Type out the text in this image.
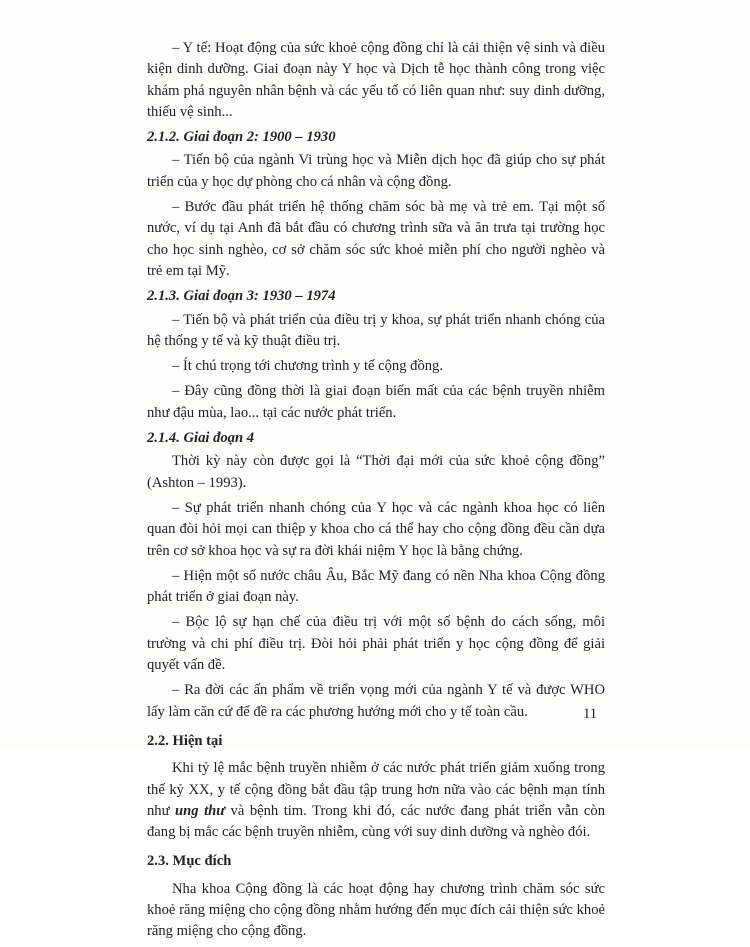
– Y tế: Hoạt động của sức khoẻ cộng đồng chỉ là cải thiện vệ sinh và điều kiện dinh dưỡng. Giai đoạn này Y học và Dịch tễ học thành công trong việc khám phá nguyên nhân bệnh và các yếu tố có liên quan như: suy dinh dưỡng, thiếu vệ sinh...

2.1.2. Giai đoạn 2: 1900 – 1930

– Tiến bộ của ngành Vi trùng học và Miễn dịch học đã giúp cho sự phát triển của y học dự phòng cho cá nhân và cộng đồng.

– Bước đầu phát triển hệ thống chăm sóc bà mẹ và trẻ em. Tại một số nước, ví dụ tại Anh đã bắt đầu có chương trình sữa và ăn trưa tại trường học cho học sinh nghèo, cơ sở chăm sóc sức khoẻ miễn phí cho người nghèo và trẻ em tại Mỹ.

2.1.3. Giai đoạn 3: 1930 – 1974

– Tiến bộ và phát triển của điều trị y khoa, sự phát triển nhanh chóng của hệ thống y tế và kỹ thuật điều trị.

– Ít chú trọng tới chương trình y tế cộng đồng.

– Đây cũng đồng thời là giai đoạn biến mất của các bệnh truyền nhiễm như đậu mùa, lao... tại các nước phát triển.

2.1.4. Giai đoạn 4

Thời kỳ này còn được gọi là “Thời đại mới của sức khoẻ cộng đồng” (Ashton – 1993).

– Sự phát triển nhanh chóng của Y học và các ngành khoa học có liên quan đòi hỏi mọi can thiệp y khoa cho cá thể hay cho cộng đồng đều cần dựa trên cơ sở khoa học và sự ra đời khái niệm Y học là bằng chứng.

– Hiện một số nước châu Âu, Bắc Mỹ đang có nền Nha khoa Cộng đồng phát triển ở giai đoạn này.

– Bộc lộ sự hạn chế của điều trị với một số bệnh do cách sống, môi trường và chi phí điều trị. Đòi hỏi phải phát triển y học cộng đồng để giải quyết vấn đề.

– Ra đời các ấn phẩm về triển vọng mới của ngành Y tế và được WHO lấy làm căn cứ để đề ra các phương hướng mới cho y tế toàn cầu.

2.2. Hiện tại

Khi tỷ lệ mắc bệnh truyền nhiễm ở các nước phát triển giảm xuống trong thế kỷ XX, y tế cộng đồng bắt đầu tập trung hơn nữa vào các bệnh mạn tính như ung thư và bệnh tim. Trong khi đó, các nước đang phát triển vẫn còn đang bị mắc các bệnh truyền nhiễm, cùng với suy dinh dưỡng và nghèo đói.

2.3. Mục đích

Nha khoa Cộng đồng là các hoạt động hay chương trình chăm sóc sức khoẻ răng miệng cho cộng đồng nhằm hướng đến mục đích cải thiện sức khoẻ răng miệng cho cộng đồng.

11
